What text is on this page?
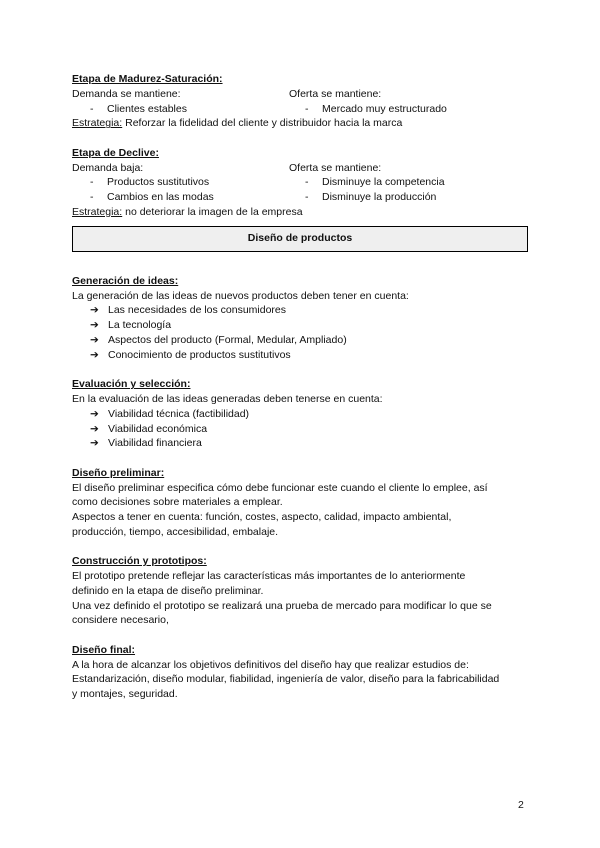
Etapa de Madurez-Saturación:
Demanda se mantiene:	Oferta se mantiene:
- Clientes estables	- Mercado muy estructurado
Estrategia: Reforzar la fidelidad del cliente y distribuidor hacia la marca
Etapa de Declive:
Demanda baja:	Oferta se mantiene:
- Productos sustitutivos	- Disminuye la competencia
- Cambios en las modas	- Disminuye la producción
Estrategia: no deteriorar la imagen de la empresa
Diseño de productos
Generación de ideas:
La generación de las ideas de nuevos productos deben tener en cuenta:
➔ Las necesidades de los consumidores
➔ La tecnología
➔ Aspectos del producto (Formal, Medular, Ampliado)
➔ Conocimiento de productos sustitutivos
Evaluación y selección:
En la evaluación de las ideas generadas deben tenerse en cuenta:
➔ Viabilidad técnica (factibilidad)
➔ Viabilidad económica
➔ Viabilidad financiera
Diseño preliminar:
El diseño preliminar especifica cómo debe funcionar este cuando el cliente lo emplee, así
como decisiones sobre materiales a emplear.
Aspectos a tener en cuenta: función, costes, aspecto, calidad, impacto ambiental,
producción, tiempo, accesibilidad, embalaje.
Construcción y prototipos:
El prototipo pretende reflejar las características más importantes de lo anteriormente
definido en la etapa de diseño preliminar.
Una vez definido el prototipo se realizará una prueba de mercado para modificar lo que se
considere necesario,
Diseño final:
A la hora de alcanzar los objetivos definitivos del diseño hay que realizar estudios de:
Estandarización, diseño modular, fiabilidad, ingeniería de valor, diseño para la fabricabilidad
y montajes, seguridad.
2
